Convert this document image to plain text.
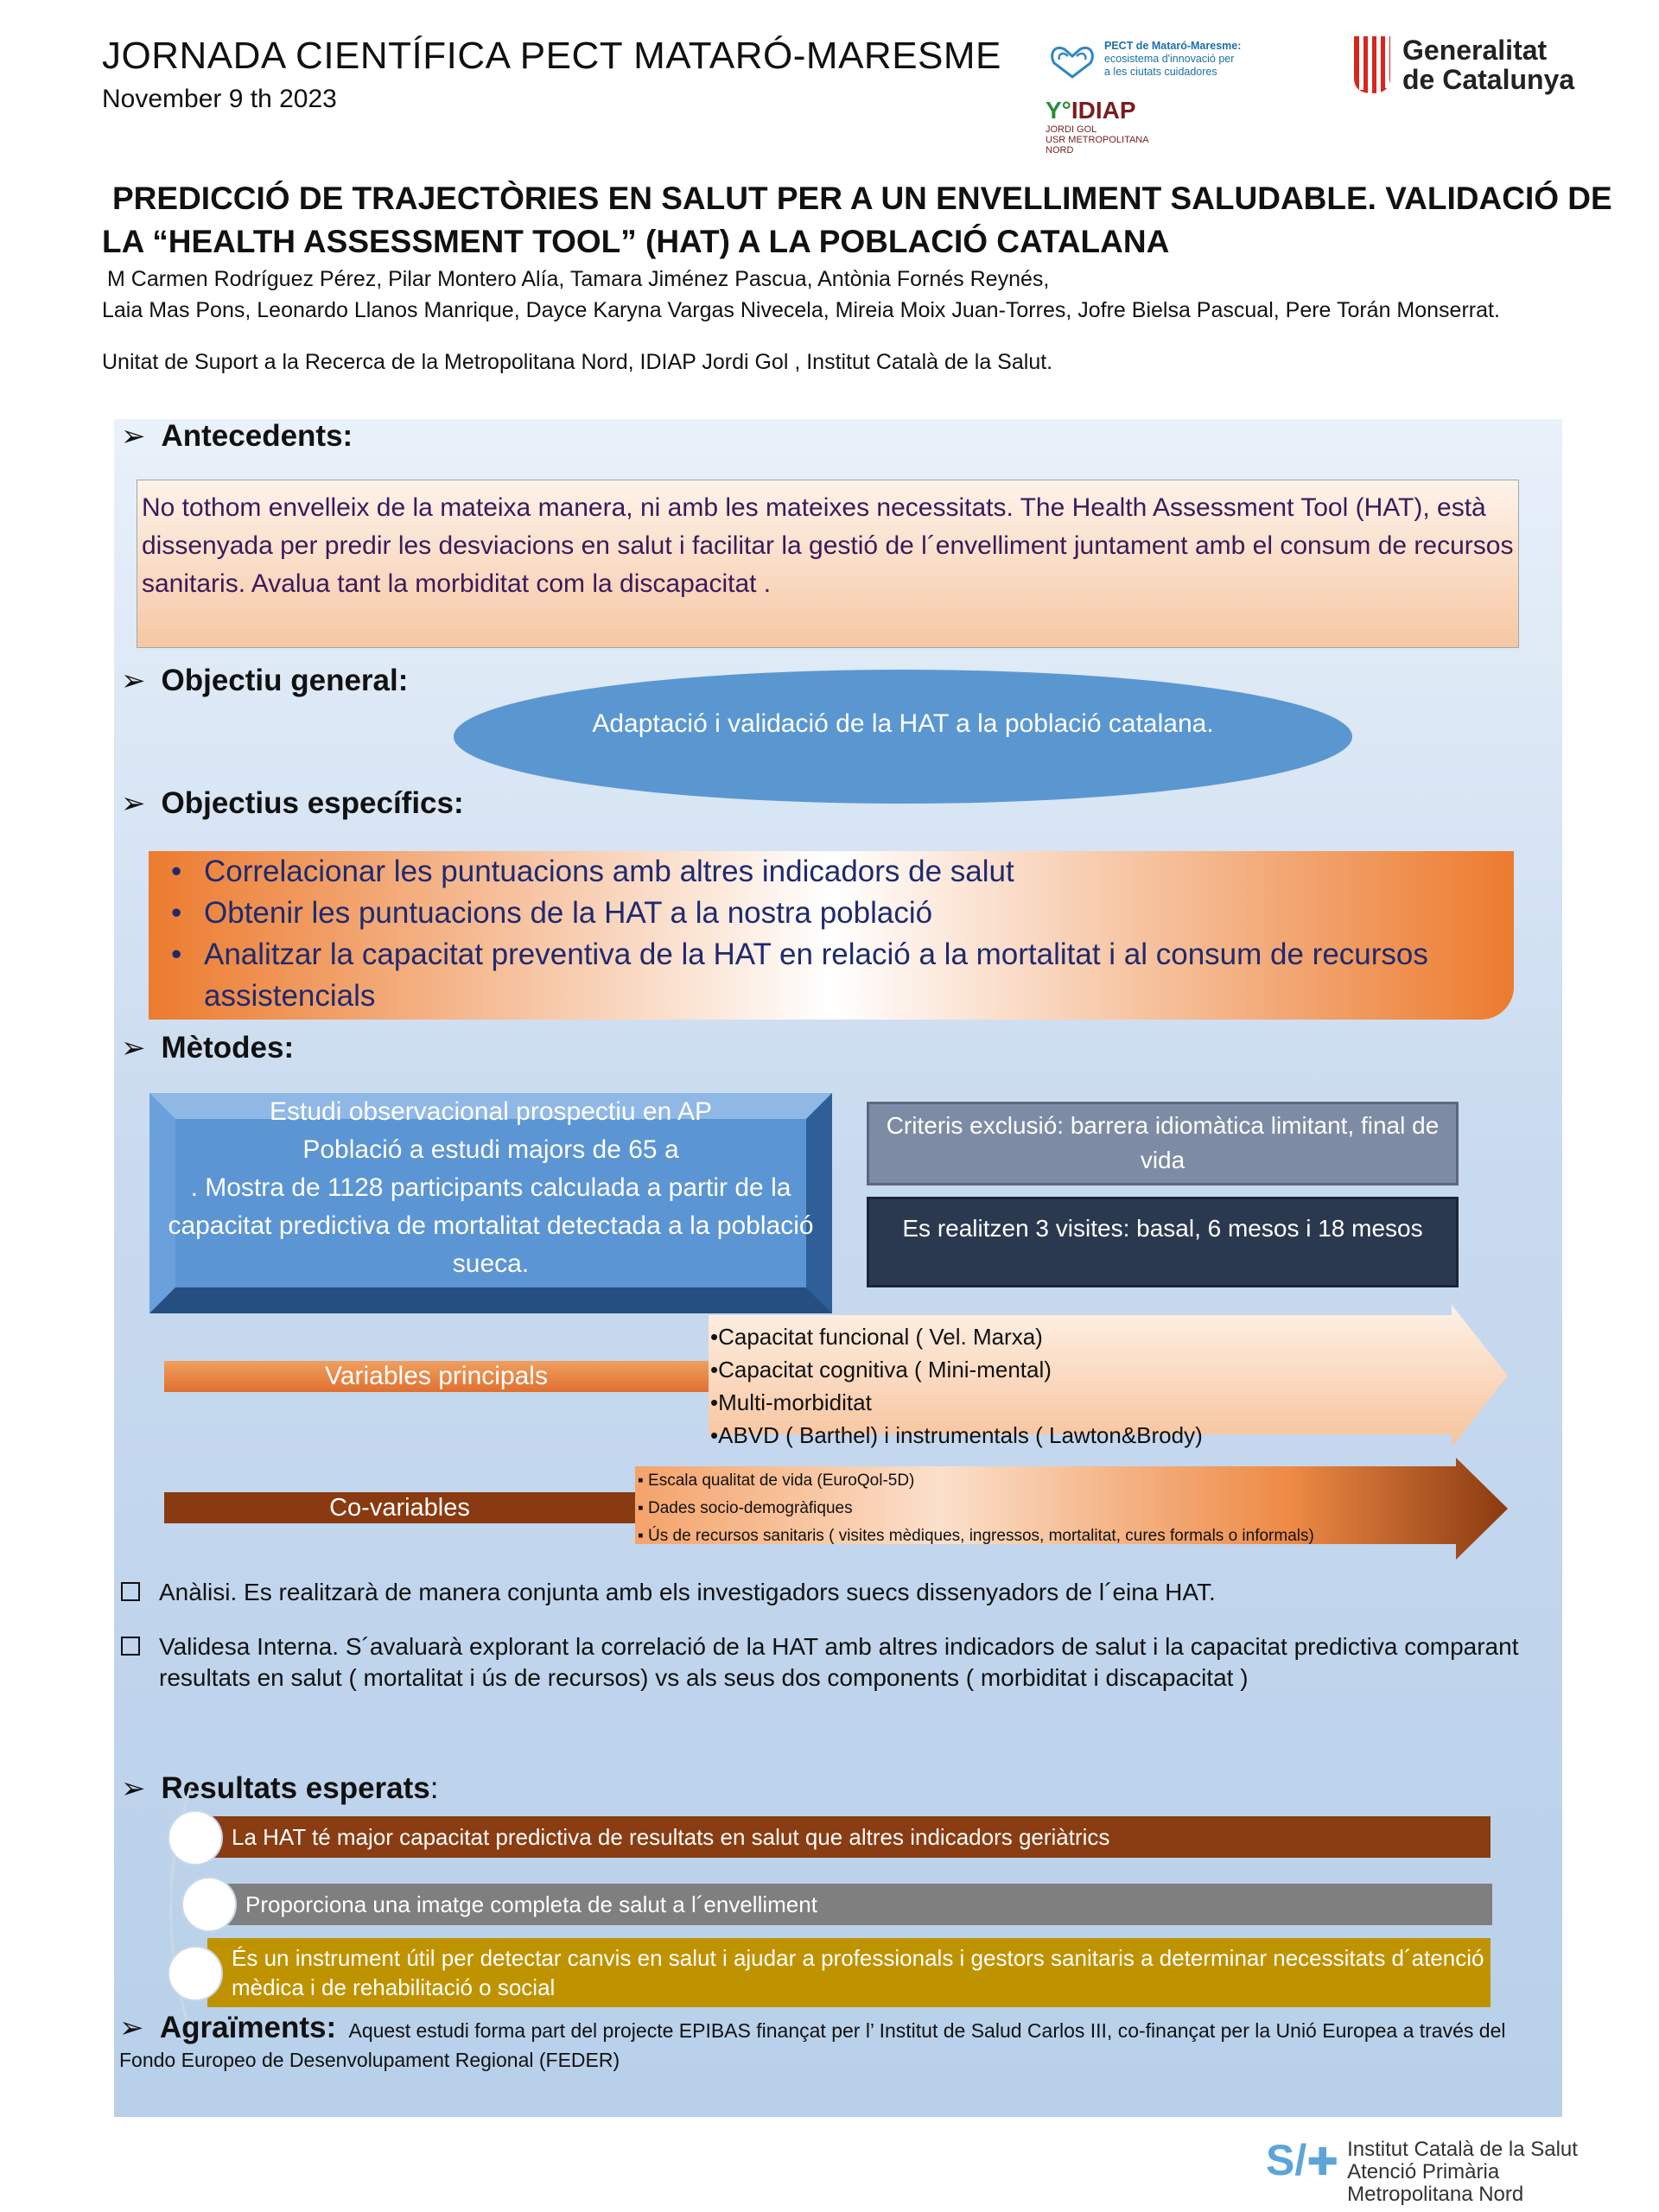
JORNADA CIENTÍFICA PECT MATARÓ-MARESME
November 9 th 2023
PECT de Mataró-Maresme:
ecosistema d'innovació per
a les ciutats cuidadores
Y°IDIAP
JORDI GOL
USR METROPOLITANA
NORD
Generalitat
de Catalunya
PREDICCIÓ DE TRAJECTÒRIES EN SALUT PER A UN ENVELLIMENT SALUDABLE. VALIDACIÓ DE
LA “HEALTH ASSESSMENT TOOL” (HAT) A LA POBLACIÓ CATALANA
M Carmen Rodríguez Pérez, Pilar Montero Alía, Tamara Jiménez Pascua, Antònia Fornés Reynés,
Laia Mas Pons, Leonardo Llanos Manrique, Dayce Karyna Vargas Nivecela, Mireia Moix Juan-Torres, Jofre Bielsa Pascual, Pere Torán Monserrat.
Unitat de Suport a la Recerca de la Metropolitana Nord, IDIAP Jordi Gol , Institut Català de la Salut.
➢ Antecedents:
No tothom envelleix de la mateixa manera, ni amb les mateixes necessitats. The Health Assessment Tool (HAT), està dissenyada per predir les desviacions en salut i facilitar la gestió de l´envelliment juntament amb el consum de recursos sanitaris. Avalua tant la morbiditat com la discapacitat .
➢ Objectiu general:
Adaptació i validació de la HAT a la població catalana.
➢ Objectius específics:
• Correlacionar les puntuacions amb altres indicadors de salut
• Obtenir les puntuacions de la HAT a la nostra població
• Analitzar la capacitat preventiva de la HAT en relació a la mortalitat i al consum de recursos assistencials
➢ Mètodes:
Estudi observacional prospectiu en AP
Població a estudi majors de 65 a
. Mostra de 1128 participants calculada a partir de la capacitat predictiva de mortalitat detectada a la població sueca.
Criteris exclusió: barrera idiomàtica limitant, final de vida
Es realitzen 3 visites: basal, 6 mesos i 18 mesos
Variables principals
•Capacitat funcional ( Vel. Marxa)
•Capacitat cognitiva ( Mini-mental)
•Multi-morbiditat
•ABVD ( Barthel) i instrumentals ( Lawton&Brody)
Co-variables
▪ Escala qualitat de vida (EuroQol-5D)
▪ Dades socio-demogràfiques
▪ Ús de recursos sanitaris ( visites mèdiques, ingressos, mortalitat, cures formals o informals)
Anàlisi. Es realitzarà de manera conjunta amb els investigadors suecs dissenyadors de l´eina HAT.
Validesa Interna. S´avaluarà explorant la correlació de la HAT amb altres indicadors de salut i la capacitat predictiva comparant resultats en salut ( mortalitat i ús de recursos) vs als seus dos components ( morbiditat i discapacitat )
➢ Resultats esperats:
La HAT té major capacitat predictiva de resultats en salut que altres indicadors geriàtrics
Proporciona una imatge completa de salut a l´envelliment
És un instrument útil per detectar canvis en salut i ajudar a professionals i gestors sanitaris a determinar necessitats d´atenció mèdica i de rehabilitació o social
➢ Agraïments: Aquest estudi forma part del projecte EPIBAS finançat per l’ Institut de Salud Carlos III, co-finançat per la Unió Europea a través del Fondo Europeo de Desenvolupament Regional (FEDER)
S/✚ Institut Català de la Salut
Atenció Primària
Metropolitana Nord
